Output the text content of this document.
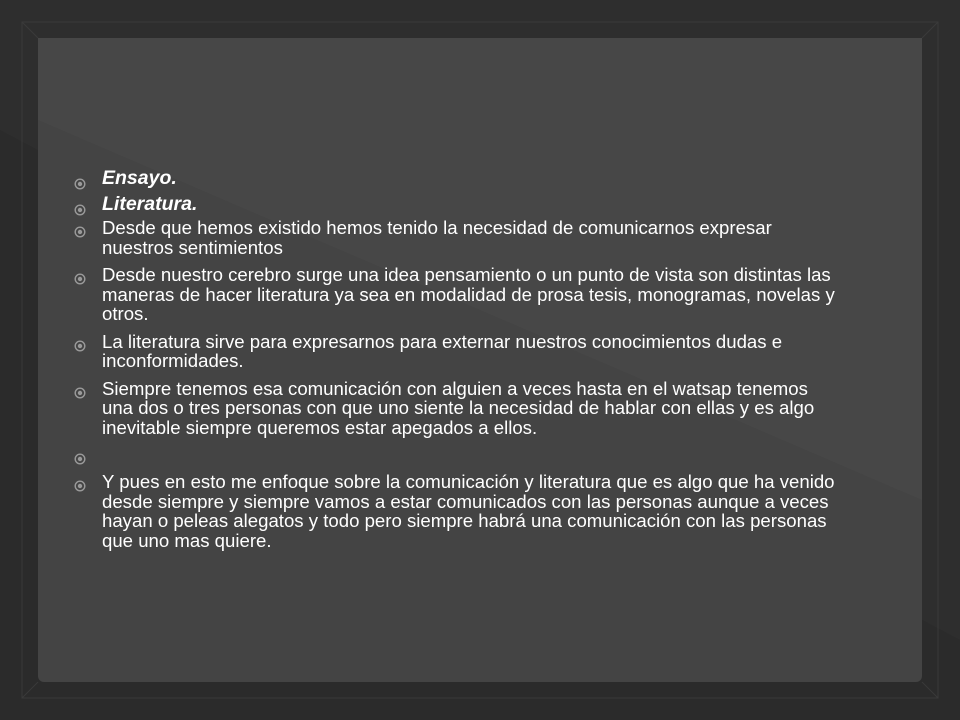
Ensayo.
Literatura.
Desde que hemos existido hemos tenido la necesidad de comunicarnos expresar nuestros sentimientos
Desde nuestro cerebro surge una idea pensamiento o un punto de vista son distintas las maneras de hacer literatura ya sea en modalidad de prosa tesis, monogramas, novelas y otros.
La literatura sirve para expresarnos para externar nuestros conocimientos dudas e inconformidades.
Siempre tenemos esa comunicación con alguien a veces hasta en el watsap tenemos una dos o tres personas con que uno siente la necesidad de hablar con ellas y es algo inevitable siempre queremos estar apegados a ellos.
Y pues en esto me enfoque sobre la comunicación y literatura que es algo que ha venido desde siempre y siempre vamos a estar comunicados con las personas aunque a veces hayan o peleas alegatos y todo pero siempre habrá una comunicación con las personas que uno mas quiere.
